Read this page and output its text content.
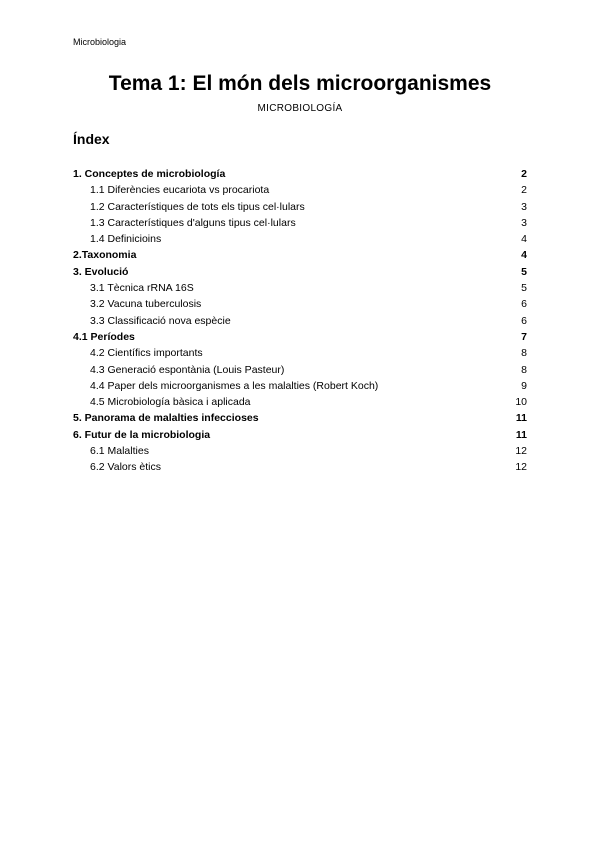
Microbiologia
Tema 1: El món dels microorganismes
MICROBIOLOGÍA
Índex
1. Conceptes de microbiología	2
1.1 Diferències eucariota vs procariota	2
1.2 Característiques de tots els tipus cel·lulars	3
1.3 Característiques d'alguns tipus cel·lulars	3
1.4 Definicioins	4
2.Taxonomia	4
3. Evolució	5
3.1 Tècnica rRNA 16S	5
3.2 Vacuna tuberculosis	6
3.3 Classificació nova espècie	6
4.1 Períodes	7
4.2 Científics importants	8
4.3 Generació espontània (Louis Pasteur)	8
4.4 Paper dels microorganismes a les malalties (Robert Koch)	9
4.5 Microbiología bàsica i aplicada	10
5. Panorama de malalties infeccioses	11
6. Futur de la microbiologia	11
6.1 Malalties	12
6.2 Valors ètics	12
